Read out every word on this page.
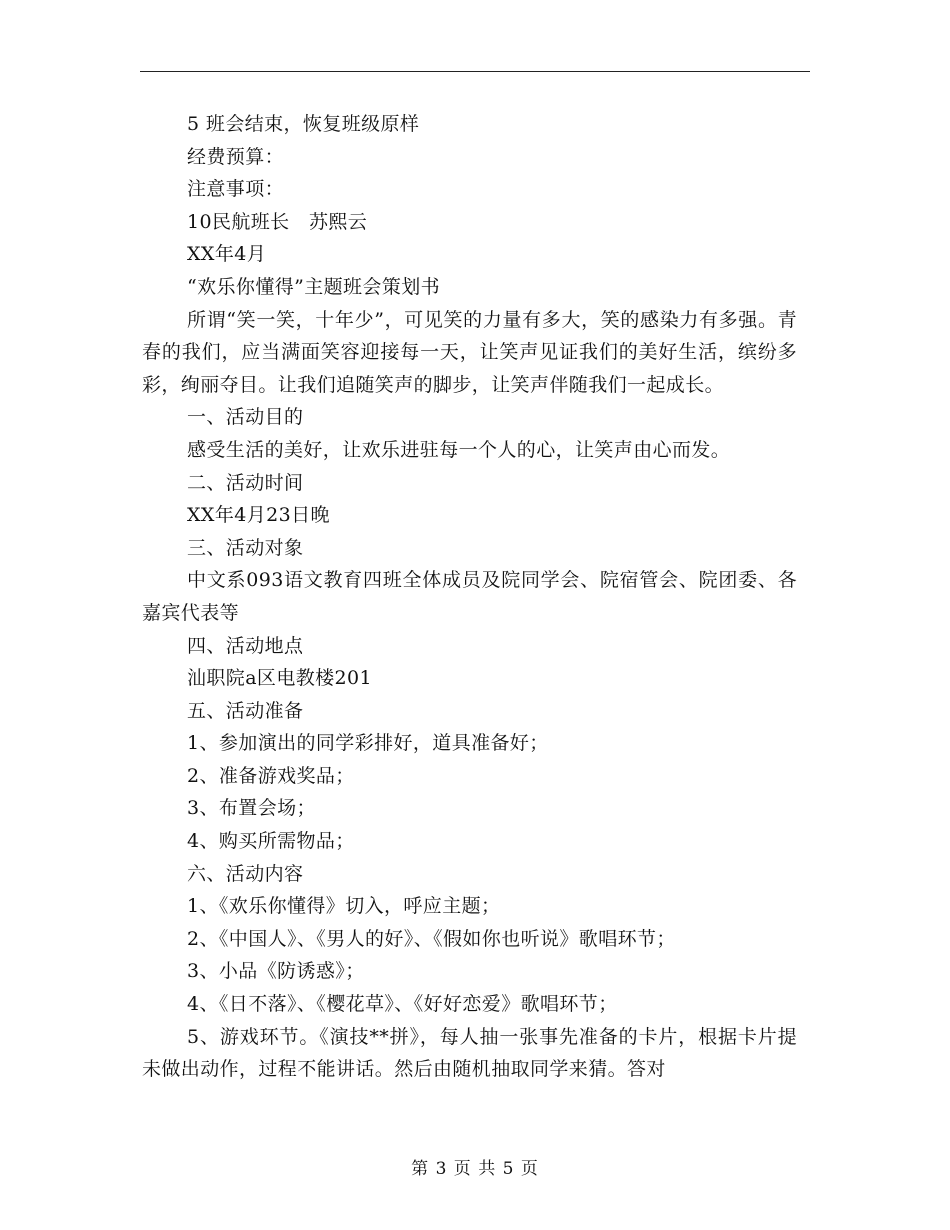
5 班会结束，恢复班级原样
经费预算：
注意事项：
10民航班长　苏熙云
XX年4月
“欢乐你懂得”主题班会策划书
所谓“笑一笑，十年少”，可见笑的力量有多大，笑的感染力有多强。青春的我们，应当满面笑容迎接每一天，让笑声见证我们的美好生活，缤纷多彩，绚丽夺目。让我们追随笑声的脚步，让笑声伴随我们一起成长。
一、活动目的
感受生活的美好，让欢乐进驻每一个人的心，让笑声由心而发。
二、活动时间
XX年4月23日晚
三、活动对象
中文系093语文教育四班全体成员及院同学会、院宿管会、院团委、各嘉宾代表等
四、活动地点
汕职院a区电教楼201
五、活动准备
1、参加演出的同学彩排好，道具准备好；
2、准备游戏奖品；
3、布置会场；
4、购买所需物品；
六、活动内容
1、《欢乐你懂得》切入，呼应主题；
2、《中国人》、《男人的好》、《假如你也听说》歌唱环节；
3、小品《防诱惑》；
4、《日不落》、《樱花草》、《好好恋爱》歌唱环节；
5、游戏环节。《演技**拼》，每人抽一张事先准备的卡片，根据卡片提未做出动作，过程不能讲话。然后由随机抽取同学来猜。答对
第 3 页 共 5 页
